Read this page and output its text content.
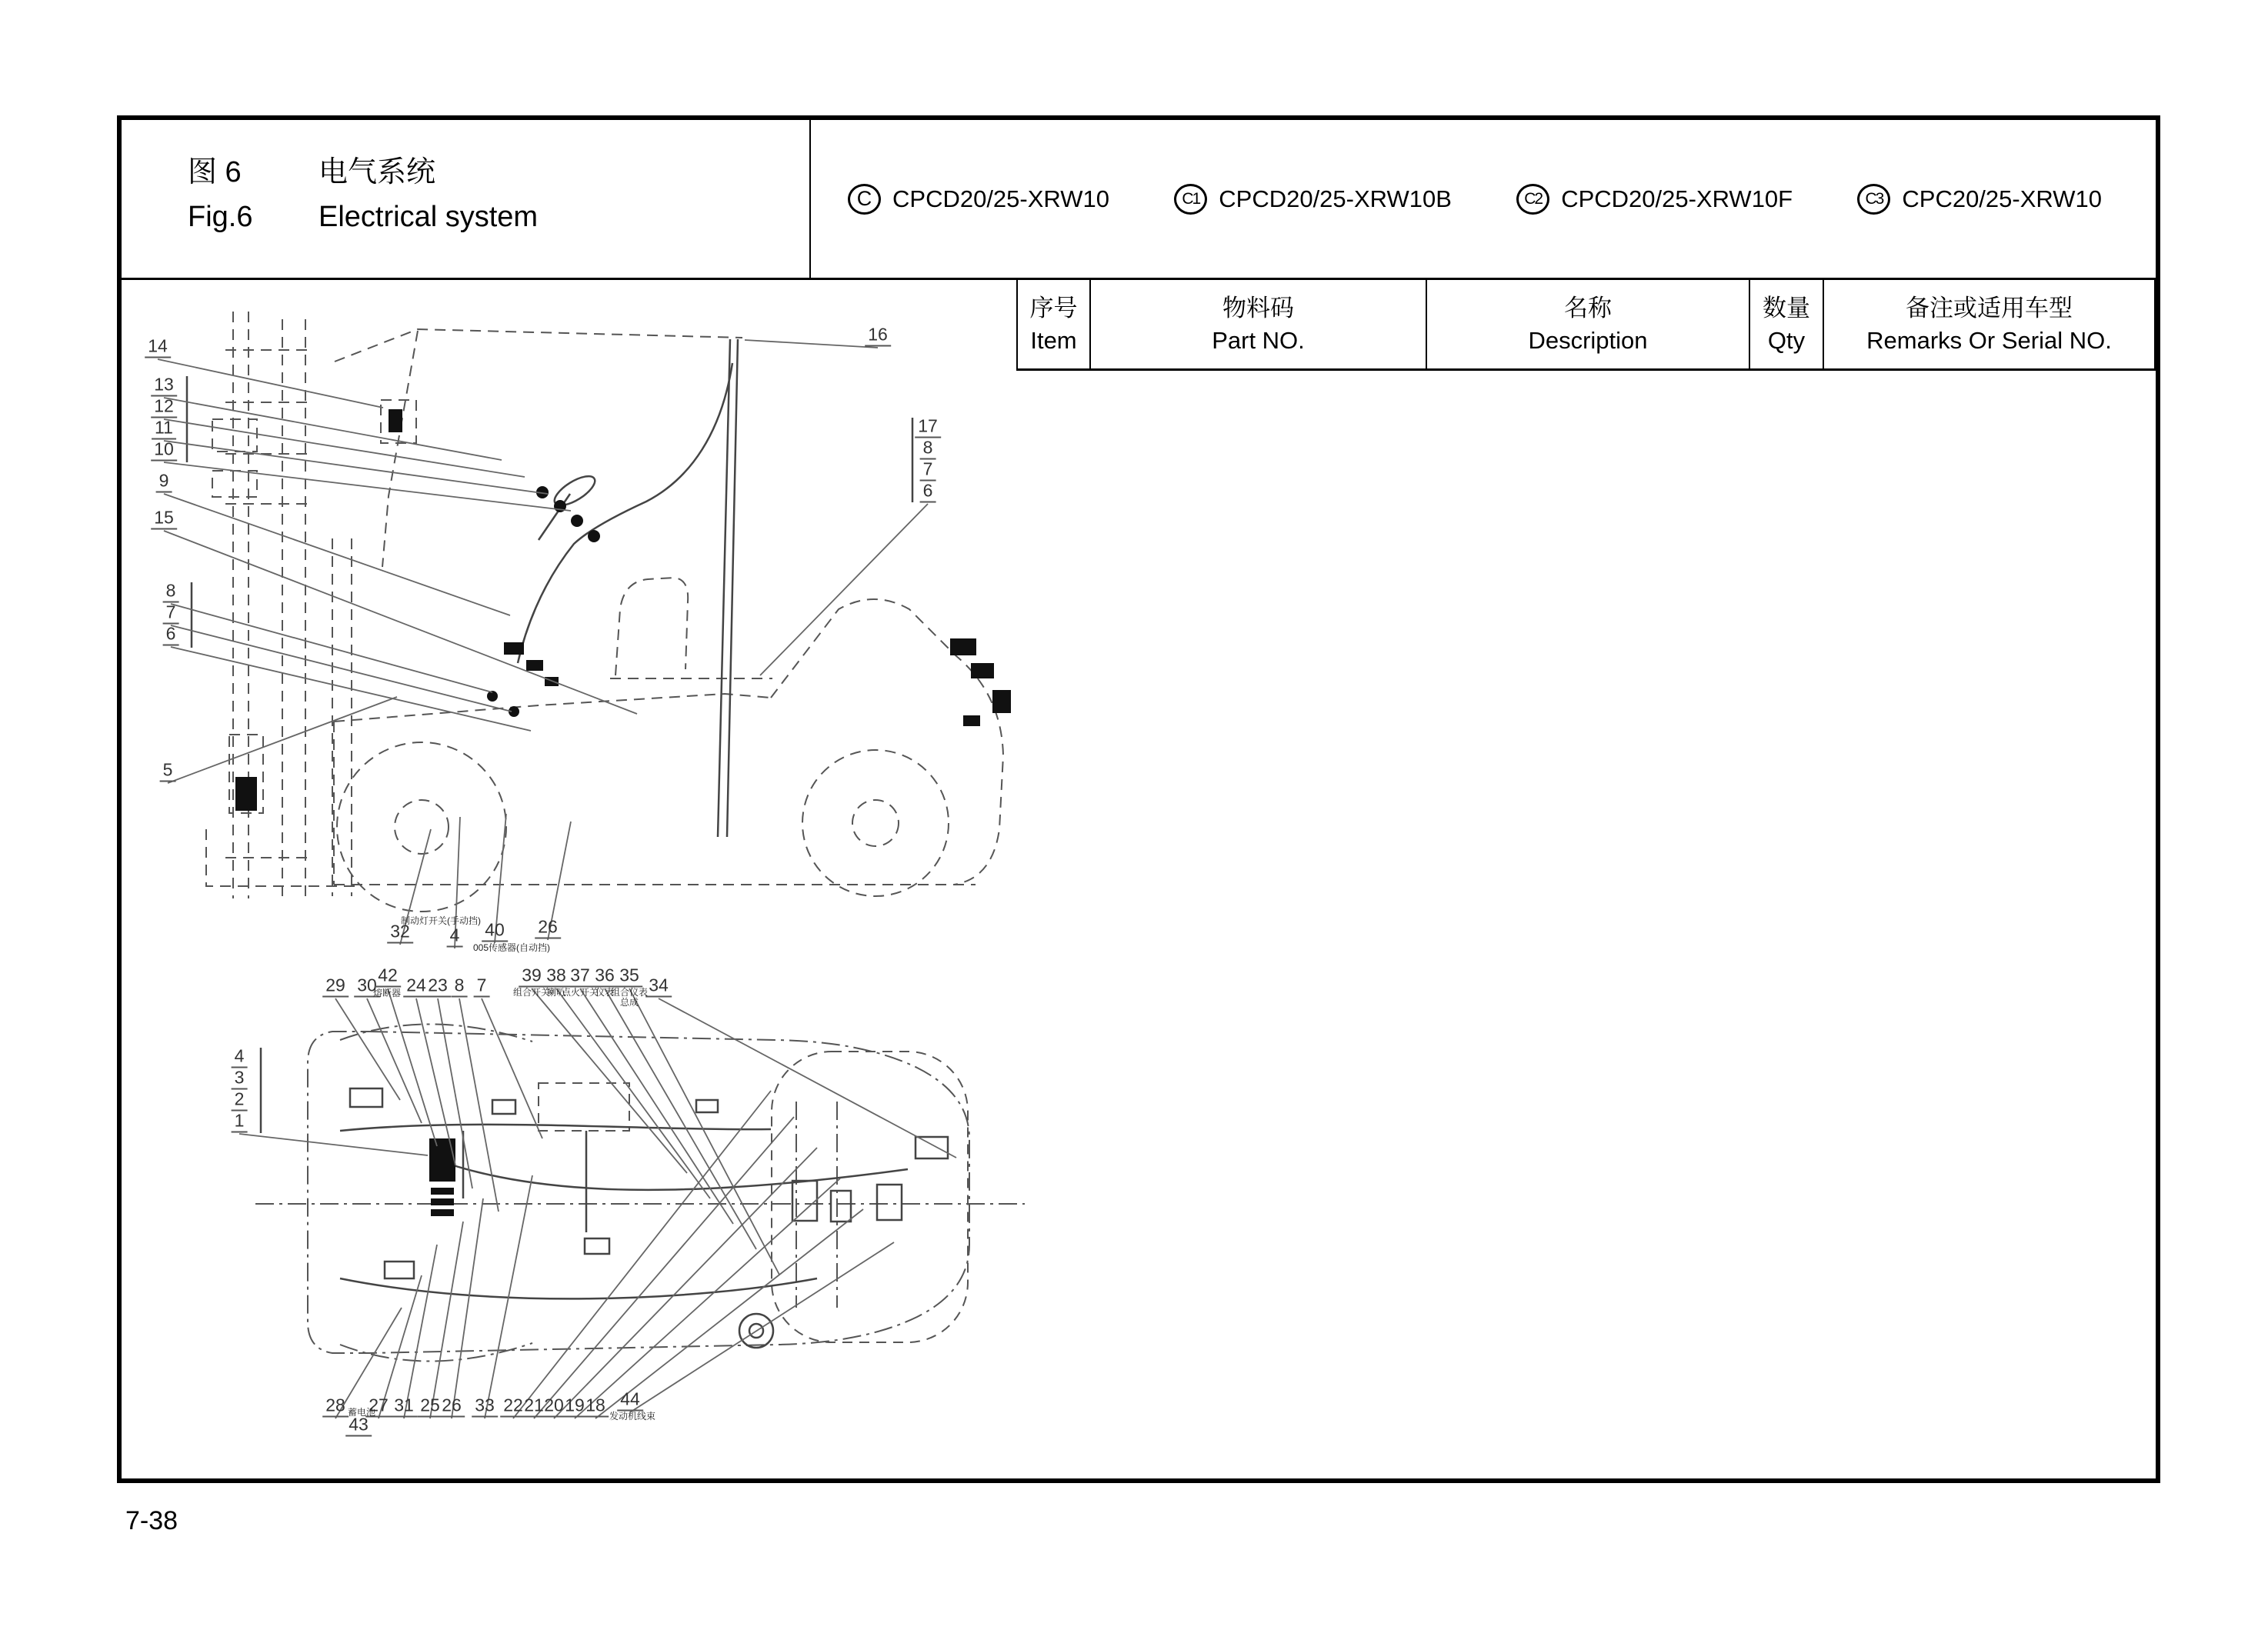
图 6	电气系统
Fig.6	Electrical system
C CPCD20/25-XRW10	C1 CPCD20/25-XRW10B	C2 CPCD20/25-XRW10F	C3 CPC20/25-XRW10
序号
Item

物料码
Part NO.

名称
Description

数量
Qty

备注或适用车型
Remarks Or Serial NO.
14
13
12
11
10
9
15
8
7
6
5
16
17
8
7
6
32 4 40 26
29 30 42 24 23 8 7 39 38 37 36 35 34
4
3
2
1
28
43
27 31 25 26 33 22 21 20 19 18 44
制动灯开关(手动挡)
005传感器(自动挡)
熔断器	组合开关
喇叭
点火开关
仪表
组合仪表
总成
蓄电池	发动机线束
7-38
